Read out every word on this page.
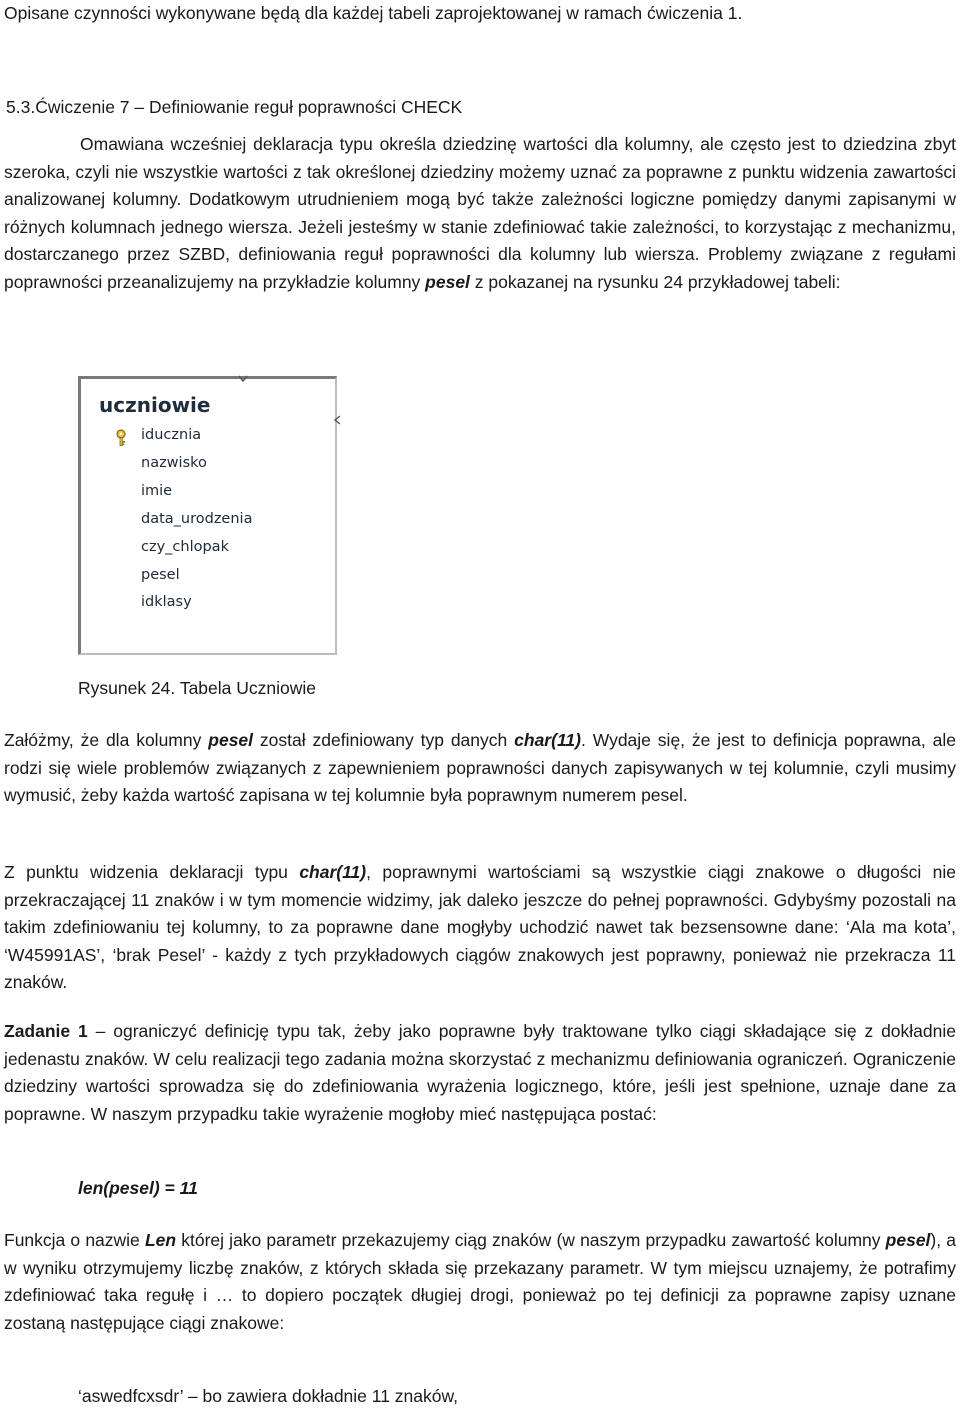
Opisane czynności wykonywane będą dla każdej tabeli zaprojektowanej w ramach ćwiczenia 1.

5.3.Ćwiczenie 7 – Definiowanie reguł poprawności CHECK

Omawiana wcześniej deklaracja typu określa dziedzinę wartości dla kolumny, ale często jest to dziedzina zbyt szeroka, czyli nie wszystkie wartości z tak określonej dziedziny możemy uznać za poprawne z punktu widzenia zawartości analizowanej kolumny. Dodatkowym utrudnieniem mogą być także zależności logiczne pomiędzy danymi zapisanymi w różnych kolumnach jednego wiersza. Jeżeli jesteśmy w stanie zdefiniować takie zależności, to korzystając z mechanizmu, dostarczanego przez SZBD, definiowania reguł poprawności dla kolumny lub wiersza. Problemy związane z regułami poprawności przeanalizujemy na przykładzie kolumny pesel z pokazanej na rysunku 24 przykładowej tabeli:

uczniowie
iducznia
nazwisko
imie
data_urodzenia
czy_chlopak
pesel
idklasy
Rysunek 24. Tabela Uczniowie

Załóżmy, że dla kolumny pesel został zdefiniowany typ danych char(11). Wydaje się, że jest to definicja poprawna, ale rodzi się wiele problemów związanych z zapewnieniem poprawności danych zapisywanych w tej kolumnie, czyli musimy wymusić, żeby każda wartość zapisana w tej kolumnie była poprawnym numerem pesel.

Z punktu widzenia deklaracji typu char(11), poprawnymi wartościami są wszystkie ciągi znakowe o długości nie przekraczającej 11 znaków i w tym momencie widzimy, jak daleko jeszcze do pełnej poprawności. Gdybyśmy pozostali na takim zdefiniowaniu tej kolumny, to za poprawne dane mogłyby uchodzić nawet tak bezsensowne dane: ‘Ala ma kota’, ‘W45991AS’, ‘brak Pesel’ - każdy z tych przykładowych ciągów znakowych jest poprawny, ponieważ nie przekracza 11 znaków.

Zadanie 1 – ograniczyć definicję typu tak, żeby jako poprawne były traktowane tylko ciągi składające się z dokładnie jedenastu znaków. W celu realizacji tego zadania można skorzystać z mechanizmu definiowania ograniczeń. Ograniczenie dziedziny wartości sprowadza się do zdefiniowania wyrażenia logicznego, które, jeśli jest spełnione, uznaje dane za poprawne. W naszym przypadku takie wyrażenie mogłoby mieć następująca postać:

len(pesel) = 11

Funkcja o nazwie Len której jako parametr przekazujemy ciąg znaków (w naszym przypadku zawartość kolumny pesel), a w wyniku otrzymujemy liczbę znaków, z których składa się przekazany parametr. W tym miejscu uznajemy, że potrafimy zdefiniować taka regułę i … to dopiero początek długiej drogi, ponieważ po tej definicji za poprawne zapisy uznane zostaną następujące ciągi znakowe:

‘aswedfcxsdr’ – bo zawiera dokładnie 11 znaków,
